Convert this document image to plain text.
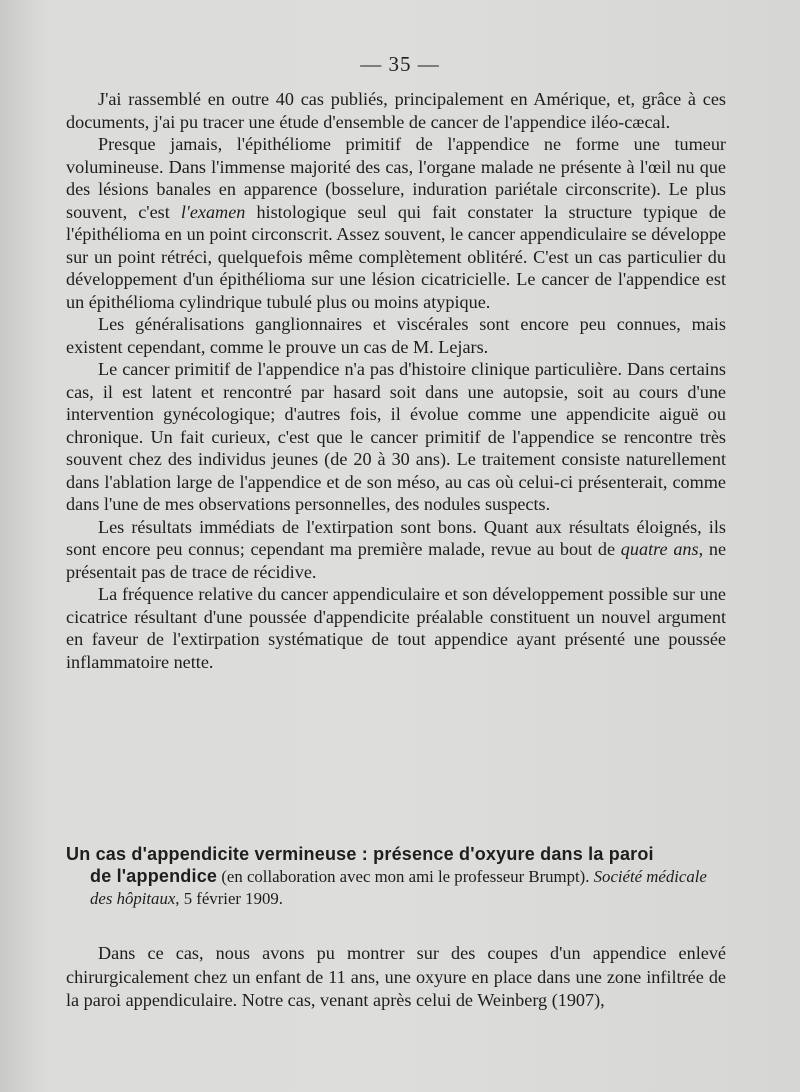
— 35 —

J'ai rassemblé en outre 40 cas publiés, principalement en Amérique, et, grâce à ces documents, j'ai pu tracer une étude d'ensemble de cancer de l'appendice iléo-cæcal.

Presque jamais, l'épithéliome primitif de l'appendice ne forme une tumeur volumineuse. Dans l'immense majorité des cas, l'organe malade ne présente à l'œil nu que des lésions banales en apparence (bosselure, induration pariétale circonscrite). Le plus souvent, c'est l'examen histologique seul qui fait constater la structure typique de l'épithélioma en un point circonscrit. Assez souvent, le cancer appendiculaire se développe sur un point rétréci, quelquefois même complètement oblitéré. C'est un cas particulier du développement d'un épithélioma sur une lésion cicatricielle. Le cancer de l'appendice est un épithélioma cylindrique tubulé plus ou moins atypique.

Les généralisations ganglionnaires et viscérales sont encore peu connues, mais existent cependant, comme le prouve un cas de M. Lejars.

Le cancer primitif de l'appendice n'a pas d'histoire clinique particulière. Dans certains cas, il est latent et rencontré par hasard soit dans une autopsie, soit au cours d'une intervention gynécologique; d'autres fois, il évolue comme une appendicite aiguë ou chronique. Un fait curieux, c'est que le cancer primitif de l'appendice se rencontre très souvent chez des individus jeunes (de 20 à 30 ans). Le traitement consiste naturellement dans l'ablation large de l'appendice et de son méso, au cas où celui-ci présenterait, comme dans l'une de mes observations personnelles, des nodules suspects.

Les résultats immédiats de l'extirpation sont bons. Quant aux résultats éloignés, ils sont encore peu connus; cependant ma première malade, revue au bout de quatre ans, ne présentait pas de trace de récidive.

La fréquence relative du cancer appendiculaire et son développement possible sur une cicatrice résultant d'une poussée d'appendicite préalable constituent un nouvel argument en faveur de l'extirpation systématique de tout appendice ayant présenté une poussée inflammatoire nette.

Un cas d'appendicite vermineuse : présence d'oxyure dans la paroi
de l'appendice (en collaboration avec mon ami le professeur Brumpt). Société médicale des hôpitaux, 5 février 1909.

Dans ce cas, nous avons pu montrer sur des coupes d'un appendice enlevé chirurgicalement chez un enfant de 11 ans, une oxyure en place dans une zone infiltrée de la paroi appendiculaire. Notre cas, venant après celui de Weinberg (1907),
